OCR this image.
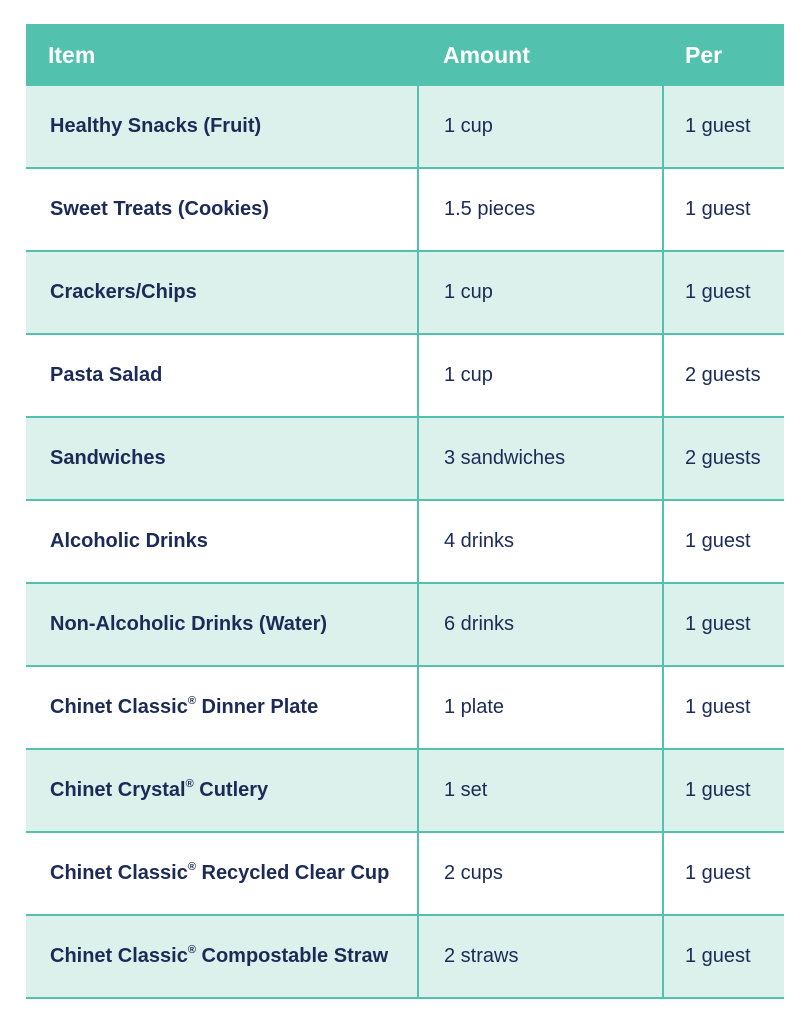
Item	Amount	Per
Healthy Snacks (Fruit)	1 cup	1 guest
Sweet Treats (Cookies)	1.5 pieces	1 guest
Crackers/Chips	1 cup	1 guest
Pasta Salad	1 cup	2 guests
Sandwiches	3 sandwiches	2 guests
Alcoholic Drinks	4 drinks	1 guest
Non-Alcoholic Drinks (Water)	6 drinks	1 guest
Chinet Classic® Dinner Plate	1 plate	1 guest
Chinet Crystal® Cutlery	1 set	1 guest
Chinet Classic® Recycled Clear Cup	2 cups	1 guest
Chinet Classic® Compostable Straw	2 straws	1 guest
